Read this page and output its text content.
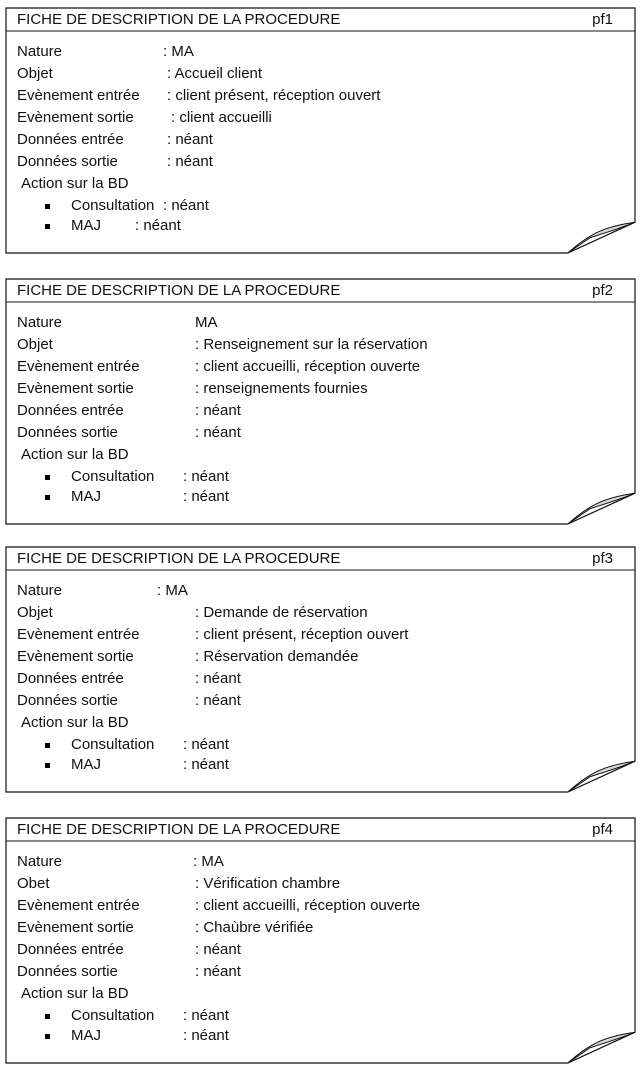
FICHE DE DESCRIPTION DE LA PROCEDURE	pf1
Nature	: MA
Objet	: Accueil client
Evènement entrée : client présent, réception ouvert
Evènement sortie : client accueilli
Données entrée	: néant
Données sortie	: néant
Action sur la BD
Consultation : néant
MAJ : néant
FICHE DE DESCRIPTION DE LA PROCEDURE	pf2
Nature	MA
Objet	: Renseignement sur la réservation
Evènement entrée	: client accueilli, réception ouverte
Evènement sortie	: renseignements fournies
Données entrée	: néant
Données sortie	: néant
Action sur la BD
Consultation : néant
MAJ	: néant
FICHE DE DESCRIPTION DE LA PROCEDURE	pf3
Nature	: MA
Objet	: Demande de réservation
Evènement entrée	: client présent, réception ouvert
Evènement sortie	: Réservation demandée
Données entrée	: néant
Données sortie	: néant
Action sur la BD
Consultation : néant
MAJ	: néant
FICHE DE DESCRIPTION DE LA PROCEDURE	pf4
Nature	: MA
Obet	: Vérification chambre
Evènement entrée	: client accueilli, réception ouverte
Evènement sortie	: Chaùbre vérifiée
Données entrée	: néant
Données sortie	: néant
Action sur la BD
Consultation : néant
MAJ	: néant
